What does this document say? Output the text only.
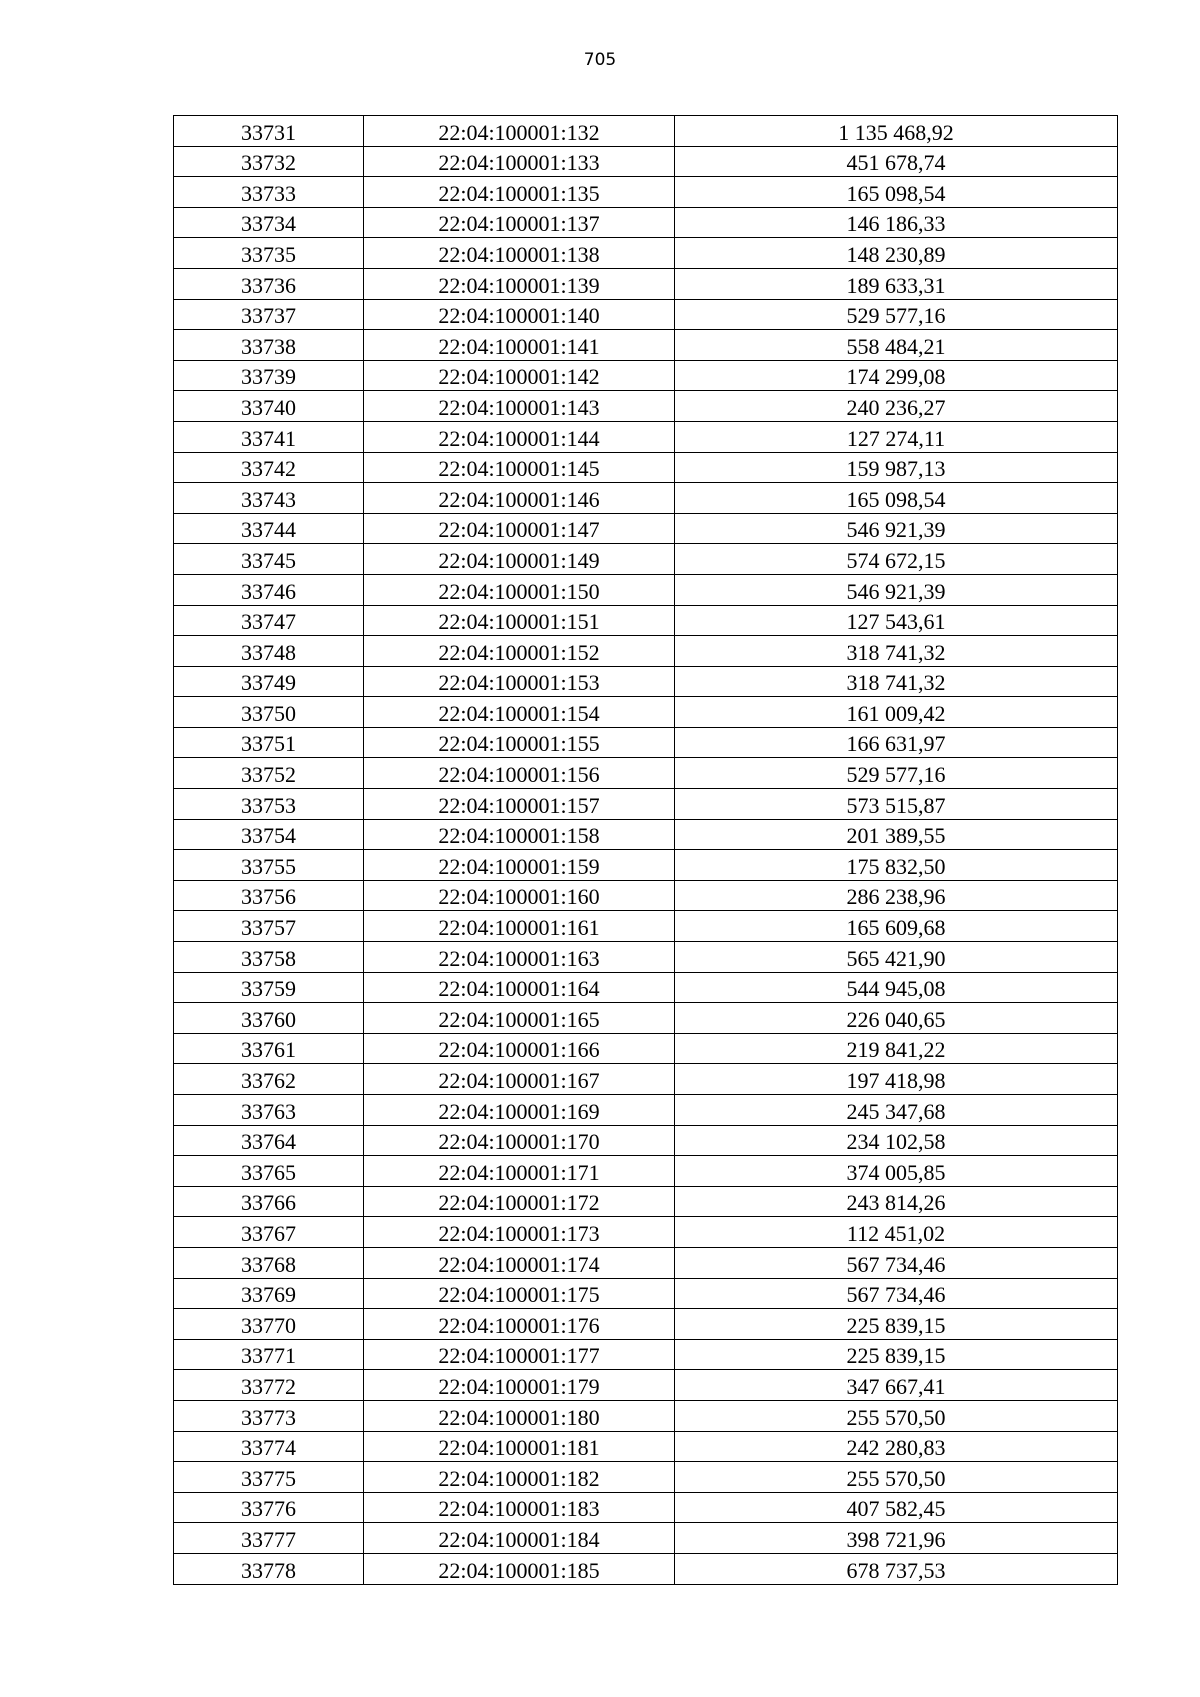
705
33731	22:04:100001:132	1 135 468,92
33732	22:04:100001:133	451 678,74
33733	22:04:100001:135	165 098,54
33734	22:04:100001:137	146 186,33
33735	22:04:100001:138	148 230,89
33736	22:04:100001:139	189 633,31
33737	22:04:100001:140	529 577,16
33738	22:04:100001:141	558 484,21
33739	22:04:100001:142	174 299,08
33740	22:04:100001:143	240 236,27
33741	22:04:100001:144	127 274,11
33742	22:04:100001:145	159 987,13
33743	22:04:100001:146	165 098,54
33744	22:04:100001:147	546 921,39
33745	22:04:100001:149	574 672,15
33746	22:04:100001:150	546 921,39
33747	22:04:100001:151	127 543,61
33748	22:04:100001:152	318 741,32
33749	22:04:100001:153	318 741,32
33750	22:04:100001:154	161 009,42
33751	22:04:100001:155	166 631,97
33752	22:04:100001:156	529 577,16
33753	22:04:100001:157	573 515,87
33754	22:04:100001:158	201 389,55
33755	22:04:100001:159	175 832,50
33756	22:04:100001:160	286 238,96
33757	22:04:100001:161	165 609,68
33758	22:04:100001:163	565 421,90
33759	22:04:100001:164	544 945,08
33760	22:04:100001:165	226 040,65
33761	22:04:100001:166	219 841,22
33762	22:04:100001:167	197 418,98
33763	22:04:100001:169	245 347,68
33764	22:04:100001:170	234 102,58
33765	22:04:100001:171	374 005,85
33766	22:04:100001:172	243 814,26
33767	22:04:100001:173	112 451,02
33768	22:04:100001:174	567 734,46
33769	22:04:100001:175	567 734,46
33770	22:04:100001:176	225 839,15
33771	22:04:100001:177	225 839,15
33772	22:04:100001:179	347 667,41
33773	22:04:100001:180	255 570,50
33774	22:04:100001:181	242 280,83
33775	22:04:100001:182	255 570,50
33776	22:04:100001:183	407 582,45
33777	22:04:100001:184	398 721,96
33778	22:04:100001:185	678 737,53
